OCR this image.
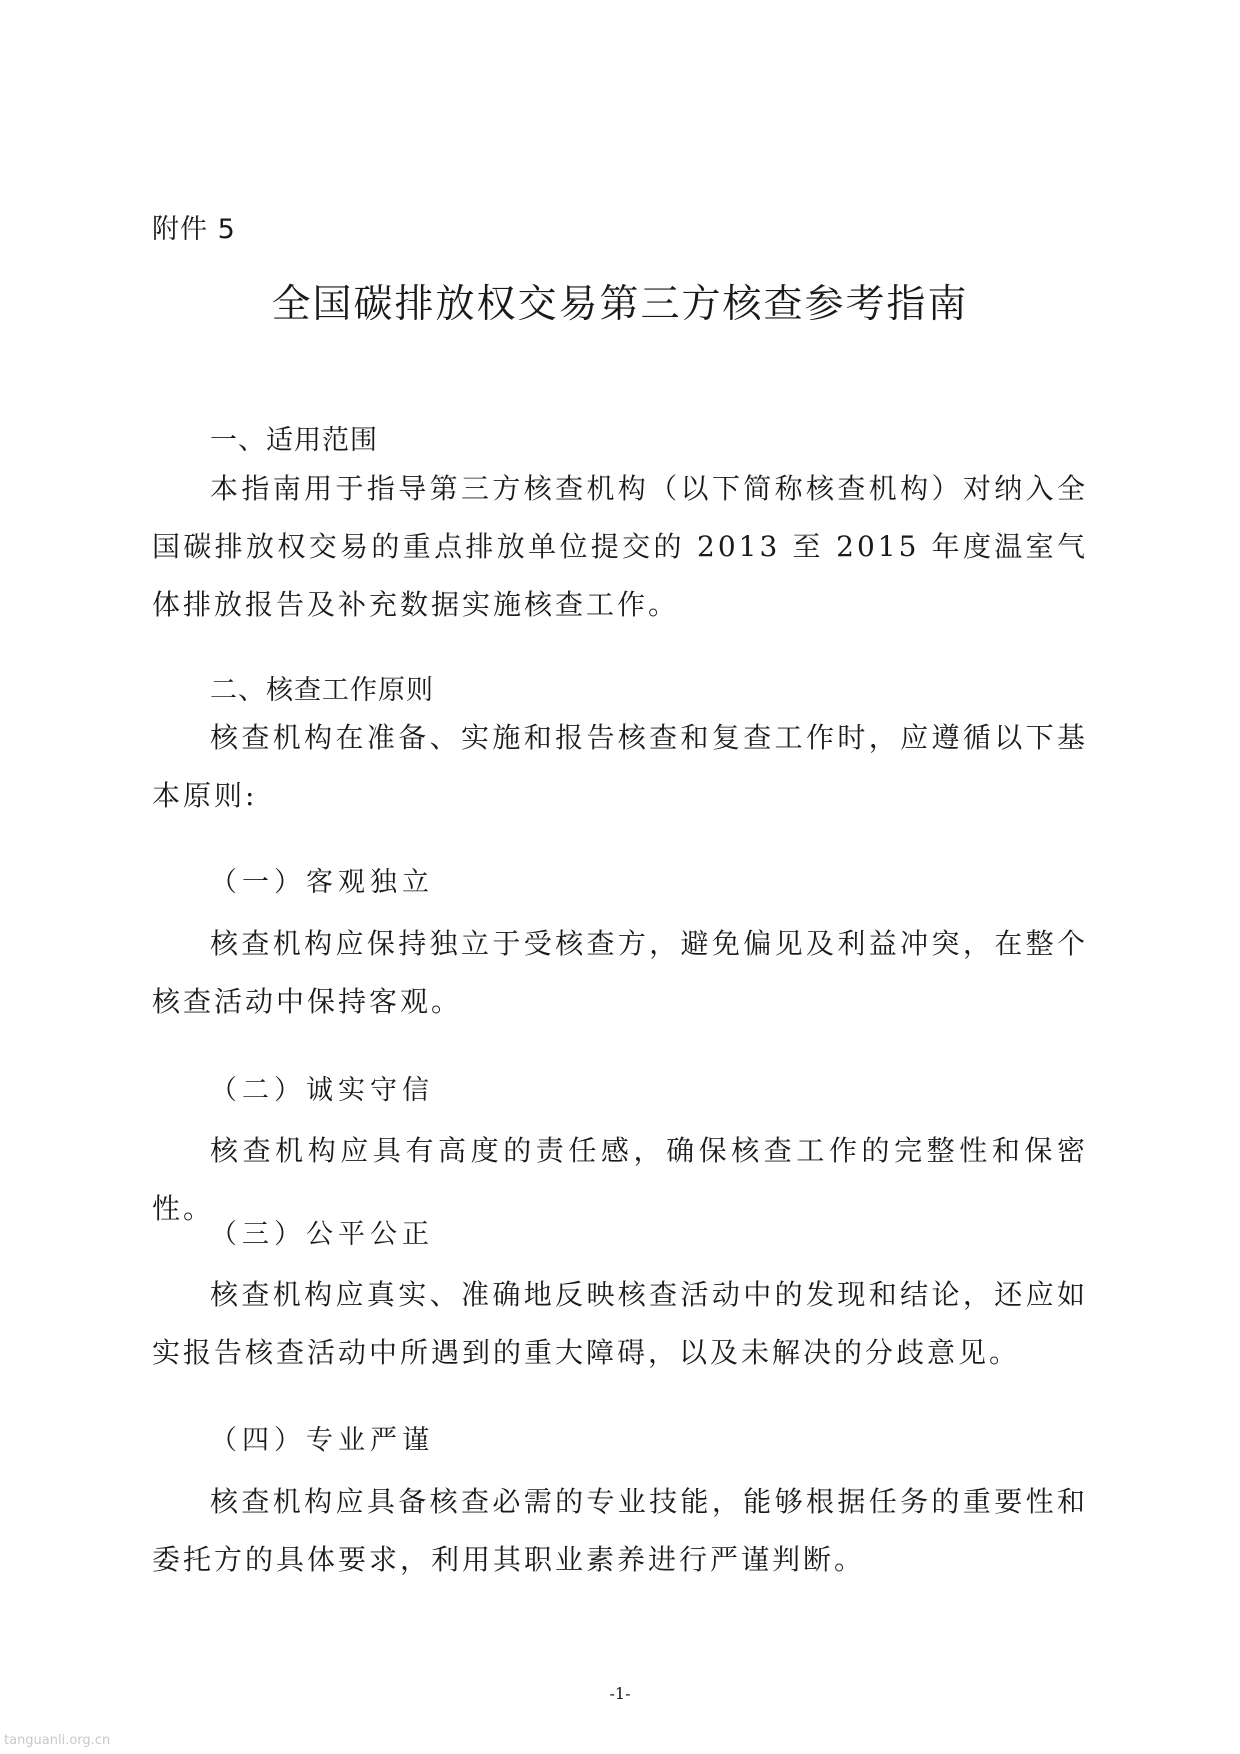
附件 5
全国碳排放权交易第三方核查参考指南
一、适用范围

本指南用于指导第三方核查机构（以下简称核查机构）对纳入全国碳排放权交易的重点排放单位提交的 2013 至 2015 年度温室气体排放报告及补充数据实施核查工作。

二、核查工作原则

核查机构在准备、实施和报告核查和复查工作时，应遵循以下基本原则:

（一）客观独立

核查机构应保持独立于受核查方，避免偏见及利益冲突，在整个核查活动中保持客观。

（二）诚实守信

核查机构应具有高度的责任感，确保核查工作的完整性和保密性。

（三）公平公正

核查机构应真实、准确地反映核查活动中的发现和结论，还应如实报告核查活动中所遇到的重大障碍，以及未解决的分歧意见。

（四）专业严谨

核查机构应具备核查必需的专业技能，能够根据任务的重要性和委托方的具体要求，利用其职业素养进行严谨判断。

-1-
tanguanli.org.cn
